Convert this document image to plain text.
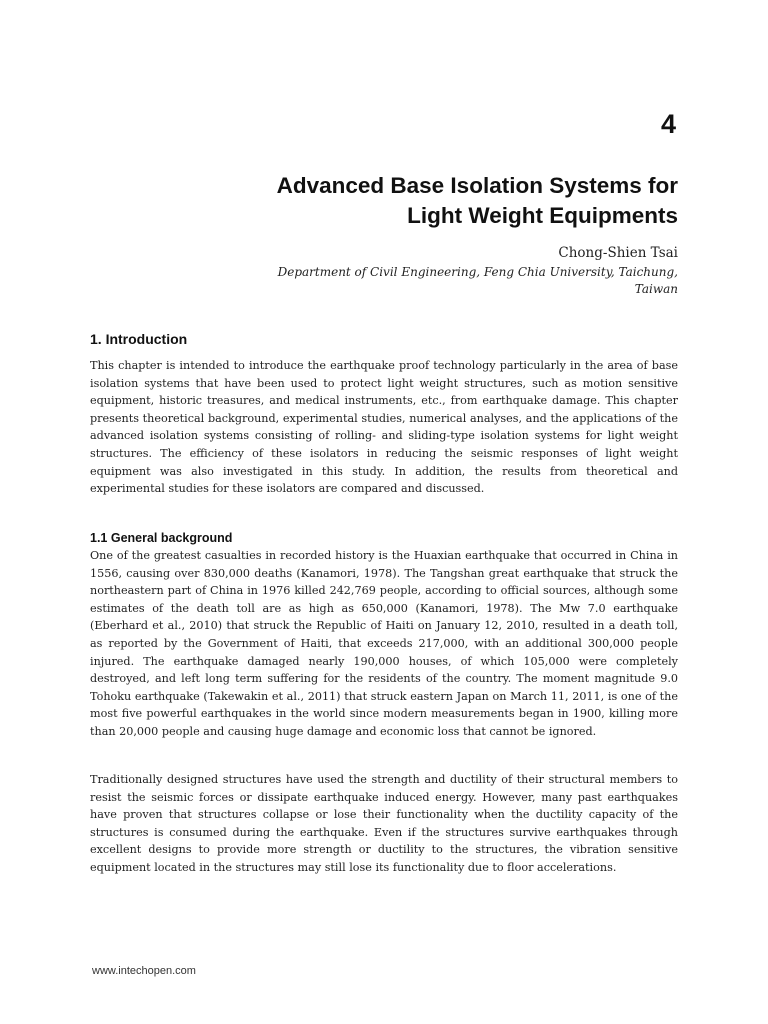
4
Advanced Base Isolation Systems for
Light Weight Equipments
Chong-Shien Tsai
Department of Civil Engineering, Feng Chia University, Taichung,
Taiwan
1. Introduction

This chapter is intended to introduce the earthquake proof technology particularly in the area of base isolation systems that have been used to protect light weight structures, such as motion sensitive equipment, historic treasures, and medical instruments, etc., from earthquake damage. This chapter presents theoretical background, experimental studies, numerical analyses, and the applications of the advanced isolation systems consisting of rolling- and sliding-type isolation systems for light weight structures. The efficiency of these isolators in reducing the seismic responses of light weight equipment was also investigated in this study. In addition, the results from theoretical and experimental studies for these isolators are compared and discussed.

1.1 General background

One of the greatest casualties in recorded history is the Huaxian earthquake that occurred in China in 1556, causing over 830,000 deaths (Kanamori, 1978). The Tangshan great earthquake that struck the northeastern part of China in 1976 killed 242,769 people, according to official sources, although some estimates of the death toll are as high as 650,000 (Kanamori, 1978). The Mw 7.0 earthquake (Eberhard et al., 2010) that struck the Republic of Haiti on January 12, 2010, resulted in a death toll, as reported by the Government of Haiti, that exceeds 217,000, with an additional 300,000 people injured. The earthquake damaged nearly 190,000 houses, of which 105,000 were completely destroyed, and left long term suffering for the residents of the country. The moment magnitude 9.0 Tohoku earthquake (Takewakin et al., 2011) that struck eastern Japan on March 11, 2011, is one of the most five powerful earthquakes in the world since modern measurements began in 1900, killing more than 20,000 people and causing huge damage and economic loss that cannot be ignored.

Traditionally designed structures have used the strength and ductility of their structural members to resist the seismic forces or dissipate earthquake induced energy. However, many past earthquakes have proven that structures collapse or lose their functionality when the ductility capacity of the structures is consumed during the earthquake. Even if the structures survive earthquakes through excellent designs to provide more strength or ductility to the structures, the vibration sensitive equipment located in the structures may still lose its functionality due to floor accelerations.

www.intechopen.com
